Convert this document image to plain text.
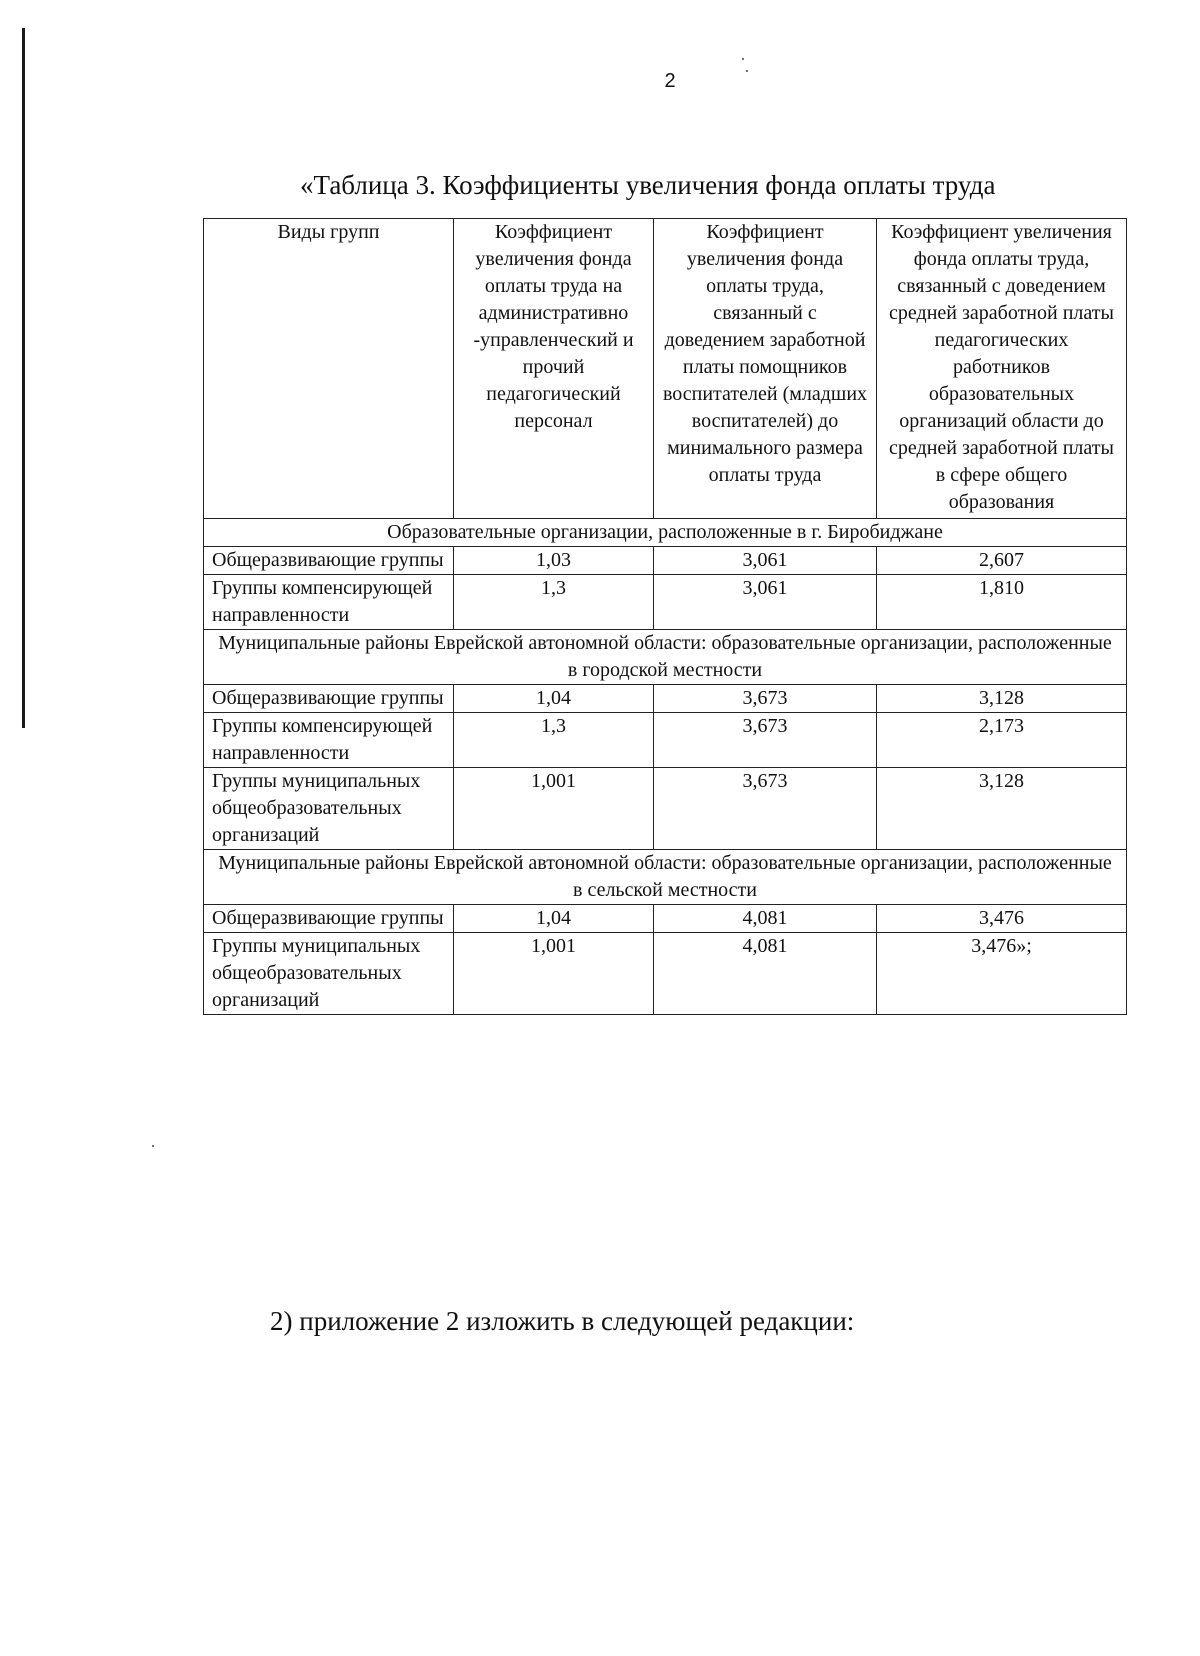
2
«Таблица 3. Коэффициенты увеличения фонда оплаты труда
Виды групп	Коэффициент увеличения фонда оплаты труда на административно -управленческий и прочий педагогический персонал	Коэффициент увеличения фонда оплаты труда, связанный с доведением заработной платы помощников воспитателей (младших воспитателей) до минимального размера оплаты труда	Коэффициент увеличения фонда оплаты труда, связанный с доведением средней заработной платы педагогических работников образовательных организаций области до средней заработной платы в сфере общего образования
Образовательные организации, расположенные в г. Биробиджане			
Общеразвивающие группы	1,03	3,061	2,607
Группы компенсирующей направленности	1,3	3,061	1,810
Муниципальные районы Еврейской автономной области: образовательные организации, расположенные в городской местности			
Общеразвивающие группы	1,04	3,673	3,128
Группы компенсирующей направленности	1,3	3,673	2,173
Группы муниципальных общеобразовательных организаций	1,001	3,673	3,128
Муниципальные районы Еврейской автономной области: образовательные организации, расположенные в сельской местности			
Общеразвивающие группы	1,04	4,081	3,476
Группы муниципальных общеобразовательных организаций	1,001	4,081	3,476»;
2) приложение 2 изложить в следующей редакции:
